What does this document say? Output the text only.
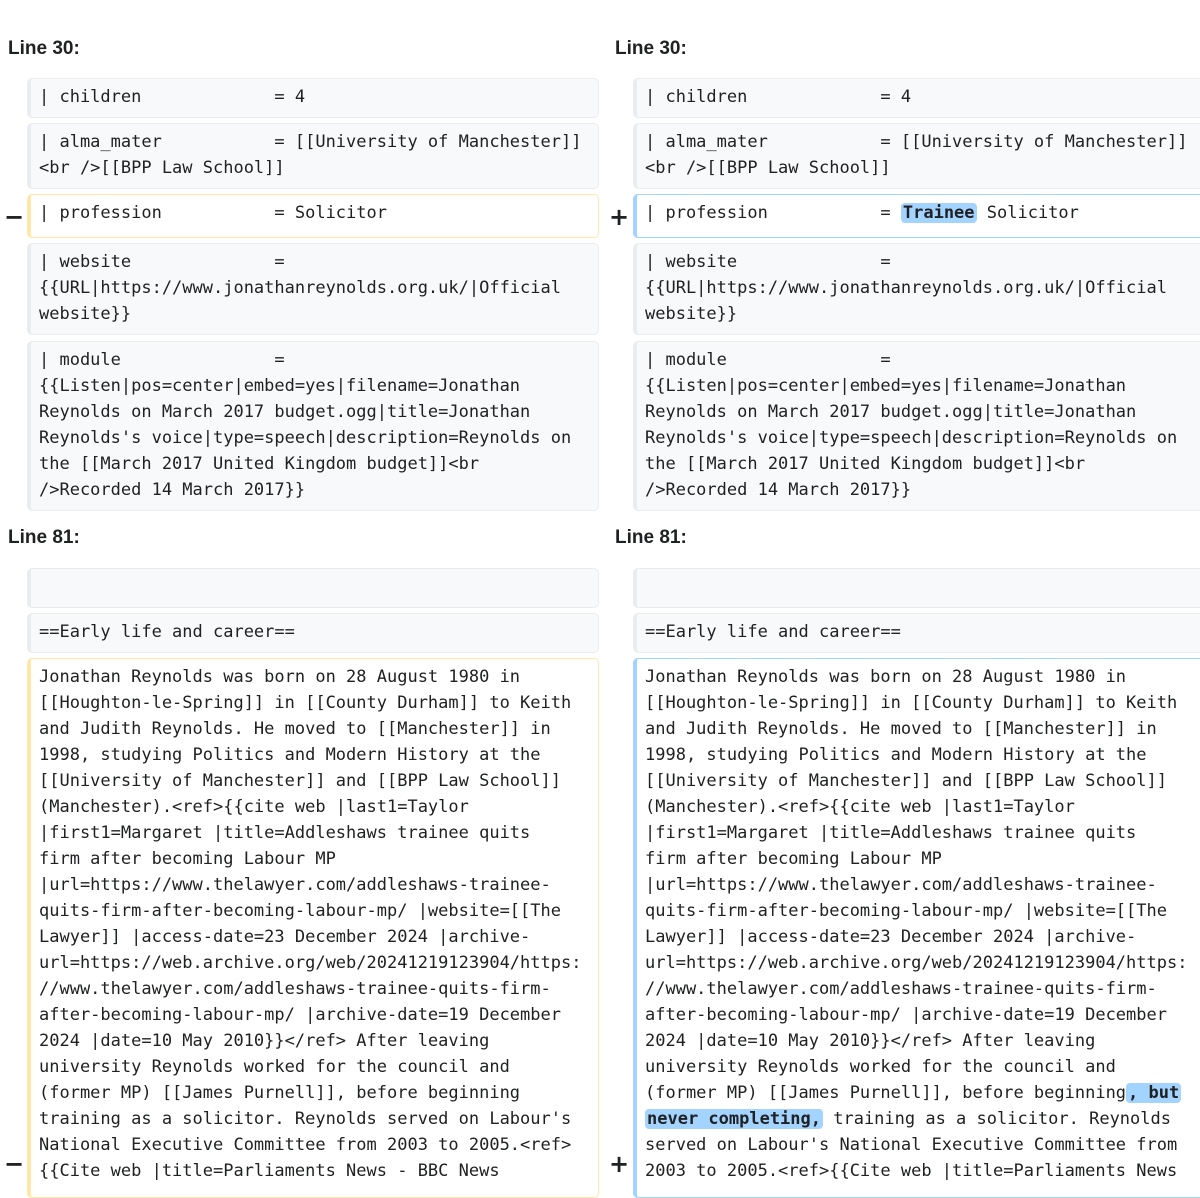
Line 30:	Line 30:
| children             = 4	| children             = 4
| alma_mater           = [[University of Manchester]]
<br />[[BPP Law School]]
| alma_mater           = [[University of Manchester]]
<br />[[BPP Law School]]
− | profession           = Solicitor	+ | profession           = Trainee Solicitor
| website              =
{{URL|https://www.jonathanreynolds.org.uk/|Official
website}}
| website              =
{{URL|https://www.jonathanreynolds.org.uk/|Official
website}}
| module               =
{{Listen|pos=center|embed=yes|filename=Jonathan
Reynolds on March 2017 budget.ogg|title=Jonathan
Reynolds's voice|type=speech|description=Reynolds on
the [[March 2017 United Kingdom budget]]<br
/>Recorded 14 March 2017}}
| module               =
{{Listen|pos=center|embed=yes|filename=Jonathan
Reynolds on March 2017 budget.ogg|title=Jonathan
Reynolds's voice|type=speech|description=Reynolds on
the [[March 2017 United Kingdom budget]]<br
/>Recorded 14 March 2017}}
Line 81:	Line 81:
==Early life and career==	==Early life and career==
Jonathan Reynolds was born on 28 August 1980 in
[[Houghton-le-Spring]] in [[County Durham]] to Keith
and Judith Reynolds. He moved to [[Manchester]] in
1998, studying Politics and Modern History at the
[[University of Manchester]] and [[BPP Law School]]
(Manchester).<ref>{{cite web |last1=Taylor
|first1=Margaret |title=Addleshaws trainee quits
firm after becoming Labour MP
|url=https://www.thelawyer.com/addleshaws-trainee-
quits-firm-after-becoming-labour-mp/ |website=[[The
Lawyer]] |access-date=23 December 2024 |archive-
url=https://web.archive.org/web/20241219123904/https:
//www.thelawyer.com/addleshaws-trainee-quits-firm-
after-becoming-labour-mp/ |archive-date=19 December
2024 |date=10 May 2010}}</ref> After leaving
university Reynolds worked for the council and
(former MP) [[James Purnell]], before beginning
training as a solicitor. Reynolds served on Labour's
National Executive Committee from 2003 to 2005.<ref>
{{Cite web |title=Parliaments News - BBC News
Jonathan Reynolds was born on 28 August 1980 in
[[Houghton-le-Spring]] in [[County Durham]] to Keith
and Judith Reynolds. He moved to [[Manchester]] in
1998, studying Politics and Modern History at the
[[University of Manchester]] and [[BPP Law School]]
(Manchester).<ref>{{cite web |last1=Taylor
|first1=Margaret |title=Addleshaws trainee quits
firm after becoming Labour MP
|url=https://www.thelawyer.com/addleshaws-trainee-
quits-firm-after-becoming-labour-mp/ |website=[[The
Lawyer]] |access-date=23 December 2024 |archive-
url=https://web.archive.org/web/20241219123904/https:
//www.thelawyer.com/addleshaws-trainee-quits-firm-
after-becoming-labour-mp/ |archive-date=19 December
2024 |date=10 May 2010}}</ref> After leaving
university Reynolds worked for the council and
(former MP) [[James Purnell]], before beginning , but
never completing, training as a solicitor. Reynolds
served on Labour's National Executive Committee from
2003 to 2005.<ref>{{Cite web |title=Parliaments News
−	+
